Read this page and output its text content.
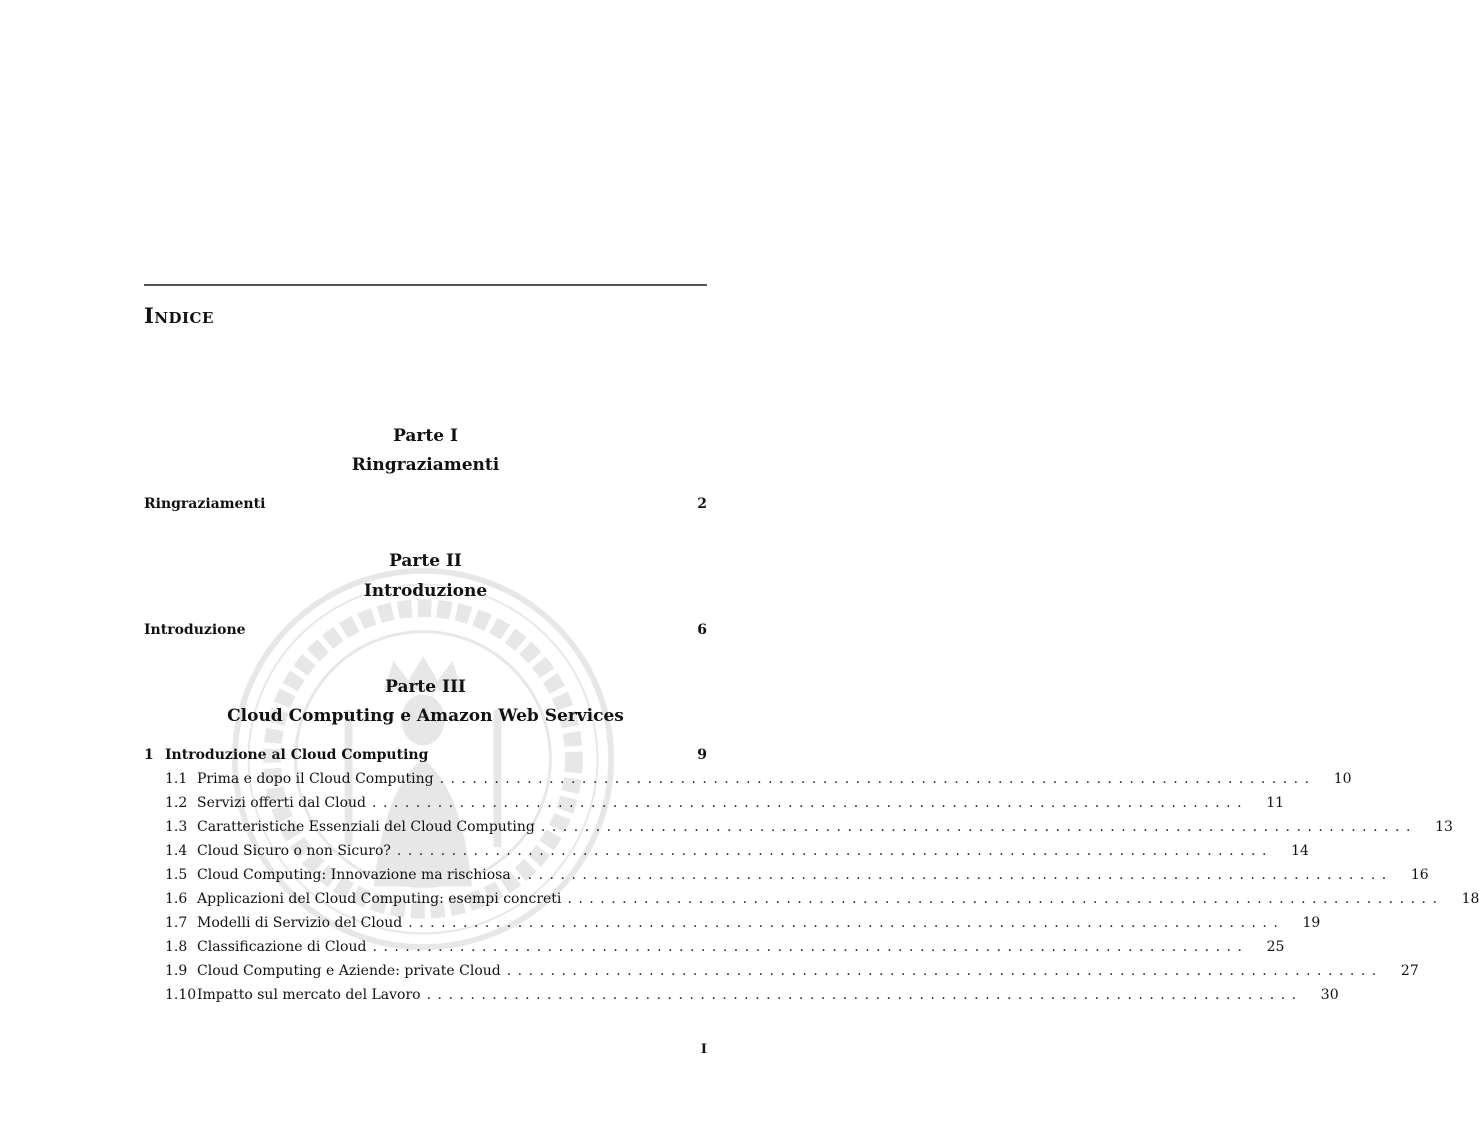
Indice
Parte I
Ringraziamenti
Ringraziamenti	2
Parte II
Introduzione
Introduzione	6
Parte III
Cloud Computing e Amazon Web Services
1 Introduzione al Cloud Computing	9
1.1 Prima e dopo il Cloud Computing ................................................................................	10
1.2 Servizi offerti dal Cloud ................................................................................	11
1.3 Caratteristiche Essenziali del Cloud Computing ................................................................................	13
1.4 Cloud Sicuro o non Sicuro? ................................................................................	14
1.5 Cloud Computing: Innovazione ma rischiosa ................................................................................	16
1.6 Applicazioni del Cloud Computing: esempi concreti ................................................................................	18
1.7 Modelli di Servizio del Cloud ................................................................................	19
1.8 Classificazione di Cloud ................................................................................	25
1.9 Cloud Computing e Aziende: private Cloud ................................................................................	27
1.10 Impatto sul mercato del Lavoro ................................................................................	30
I
